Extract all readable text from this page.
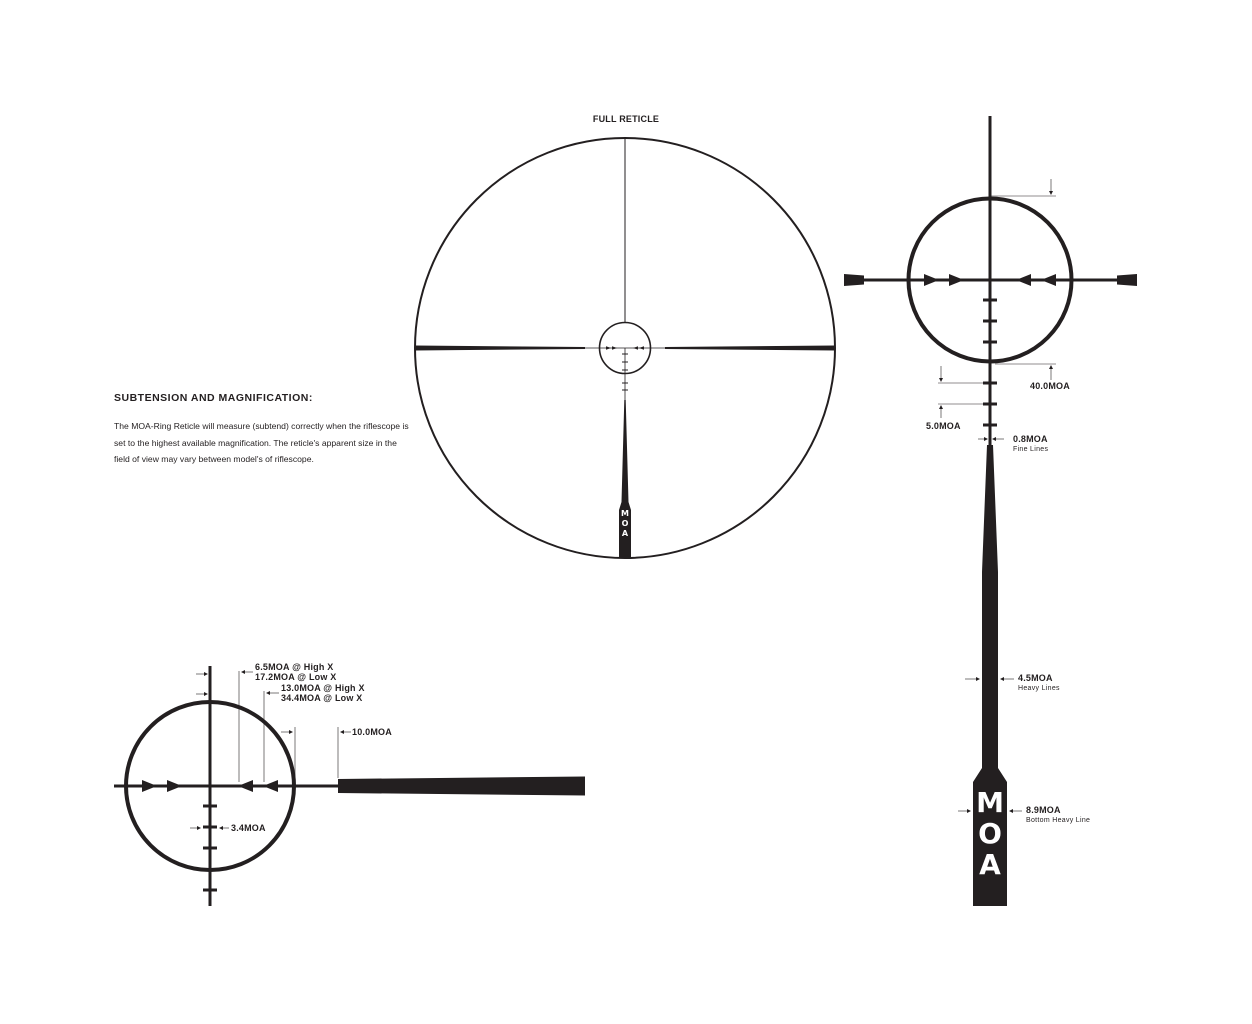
FULL RETICLE
M
O
A
M
O
A
40.0MOA
5.0MOA
0.8MOA
Fine Lines
4.5MOA
Heavy Lines
8.9MOA
Bottom Heavy Line
6.5MOA @ High X
17.2MOA @ Low X
13.0MOA @ High X
34.4MOA @ Low X
10.0MOA
3.4MOA
SUBTENSION AND MAGNIFICATION:

The MOA-Ring Reticle will measure (subtend) correctly when the riflescope is set to the highest available magnification. The reticle's apparent size in the field of view may vary between model's of riflescope.
